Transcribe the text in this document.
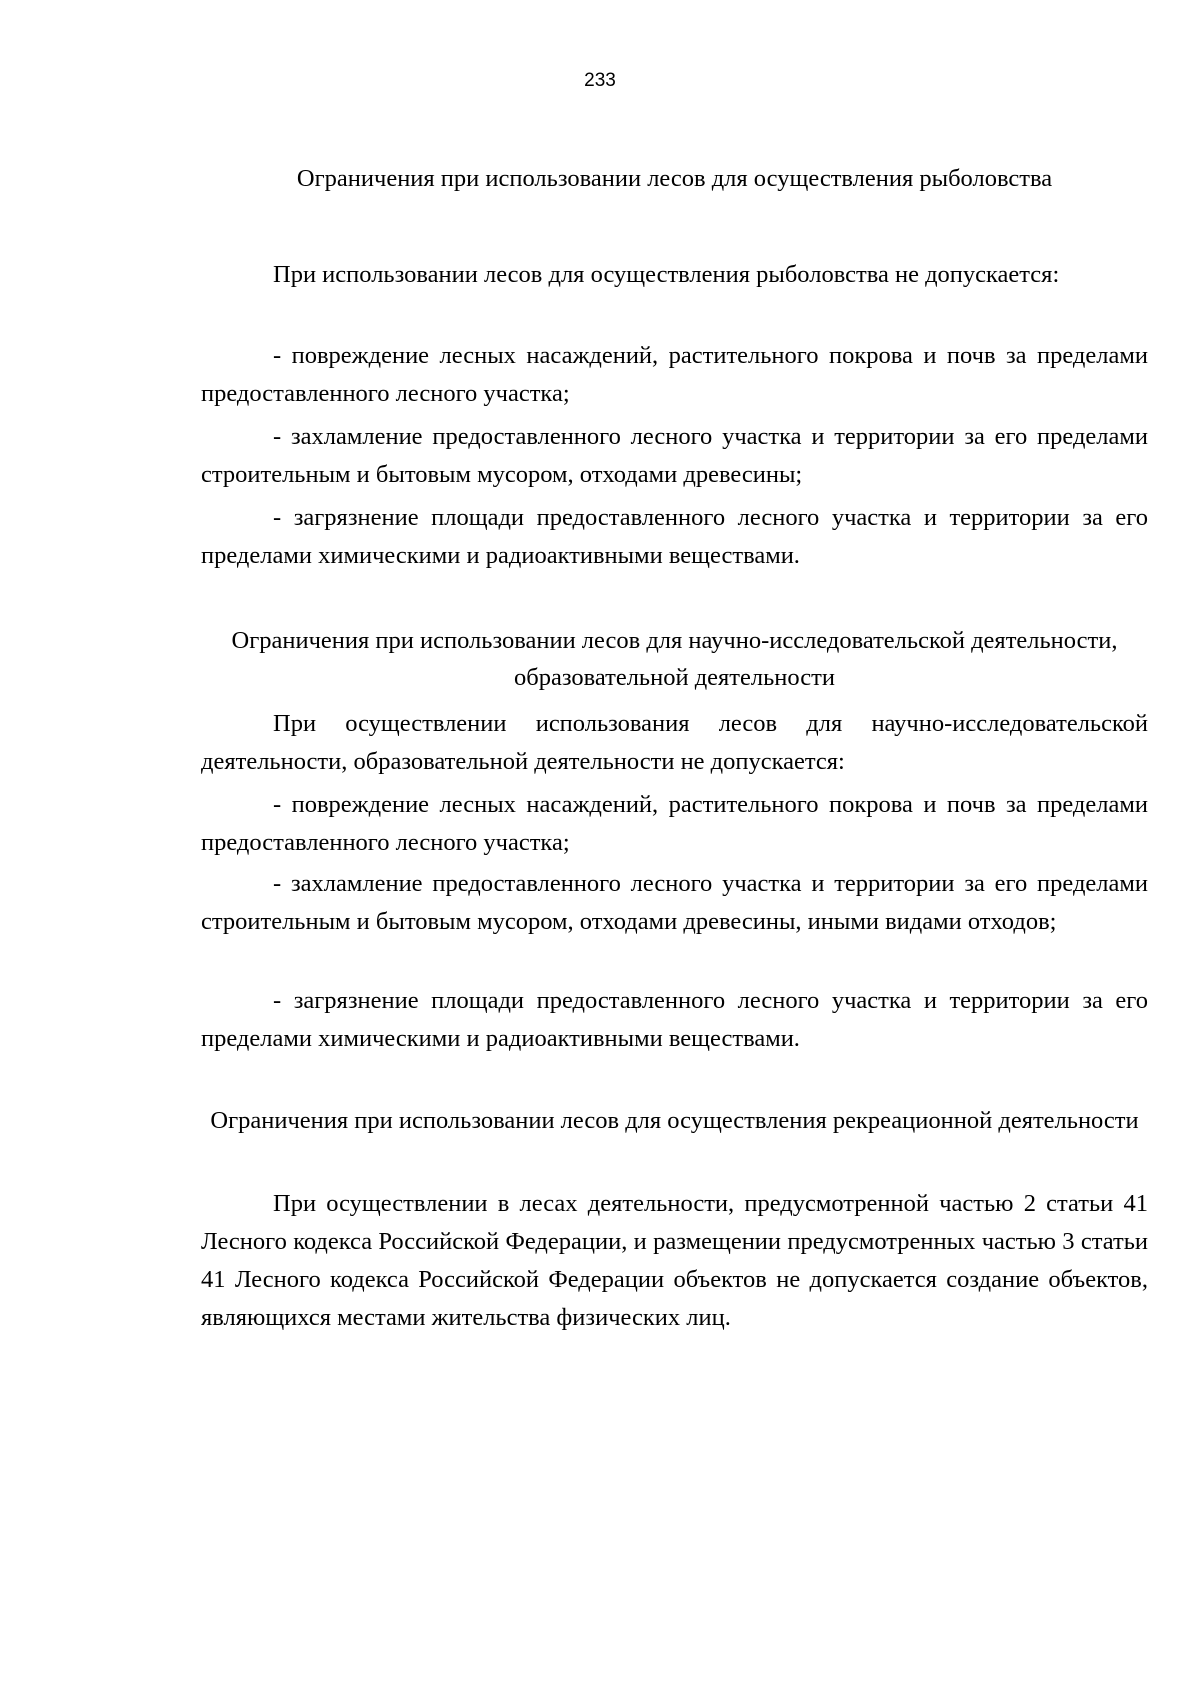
233
Ограничения при использовании лесов для осуществления рыболовства

При использовании лесов для осуществления рыболовства не допускается:

- повреждение лесных насаждений, растительного покрова и почв за пределами предоставленного лесного участка;

- захламление предоставленного лесного участка и территории за его пределами строительным и бытовым мусором, отходами древесины;

- загрязнение площади предоставленного лесного участка и территории за его пределами химическими и радиоактивными веществами.

Ограничения при использовании лесов для научно-исследовательской деятельности, образовательной деятельности

При осуществлении использования лесов для научно-исследовательской деятельности, образовательной деятельности не допускается:

- повреждение лесных насаждений, растительного покрова и почв за пределами предоставленного лесного участка;

- захламление предоставленного лесного участка и территории за его пределами строительным и бытовым мусором, отходами древесины, иными видами отходов;

- загрязнение площади предоставленного лесного участка и территории за его пределами химическими и радиоактивными веществами.

Ограничения при использовании лесов для осуществления рекреационной деятельности

При осуществлении в лесах деятельности, предусмотренной частью 2 статьи 41 Лесного кодекса Российской Федерации, и размещении предусмотренных частью 3 статьи 41 Лесного кодекса Российской Федерации объектов не допускается создание объектов, являющихся местами жительства физических лиц.
